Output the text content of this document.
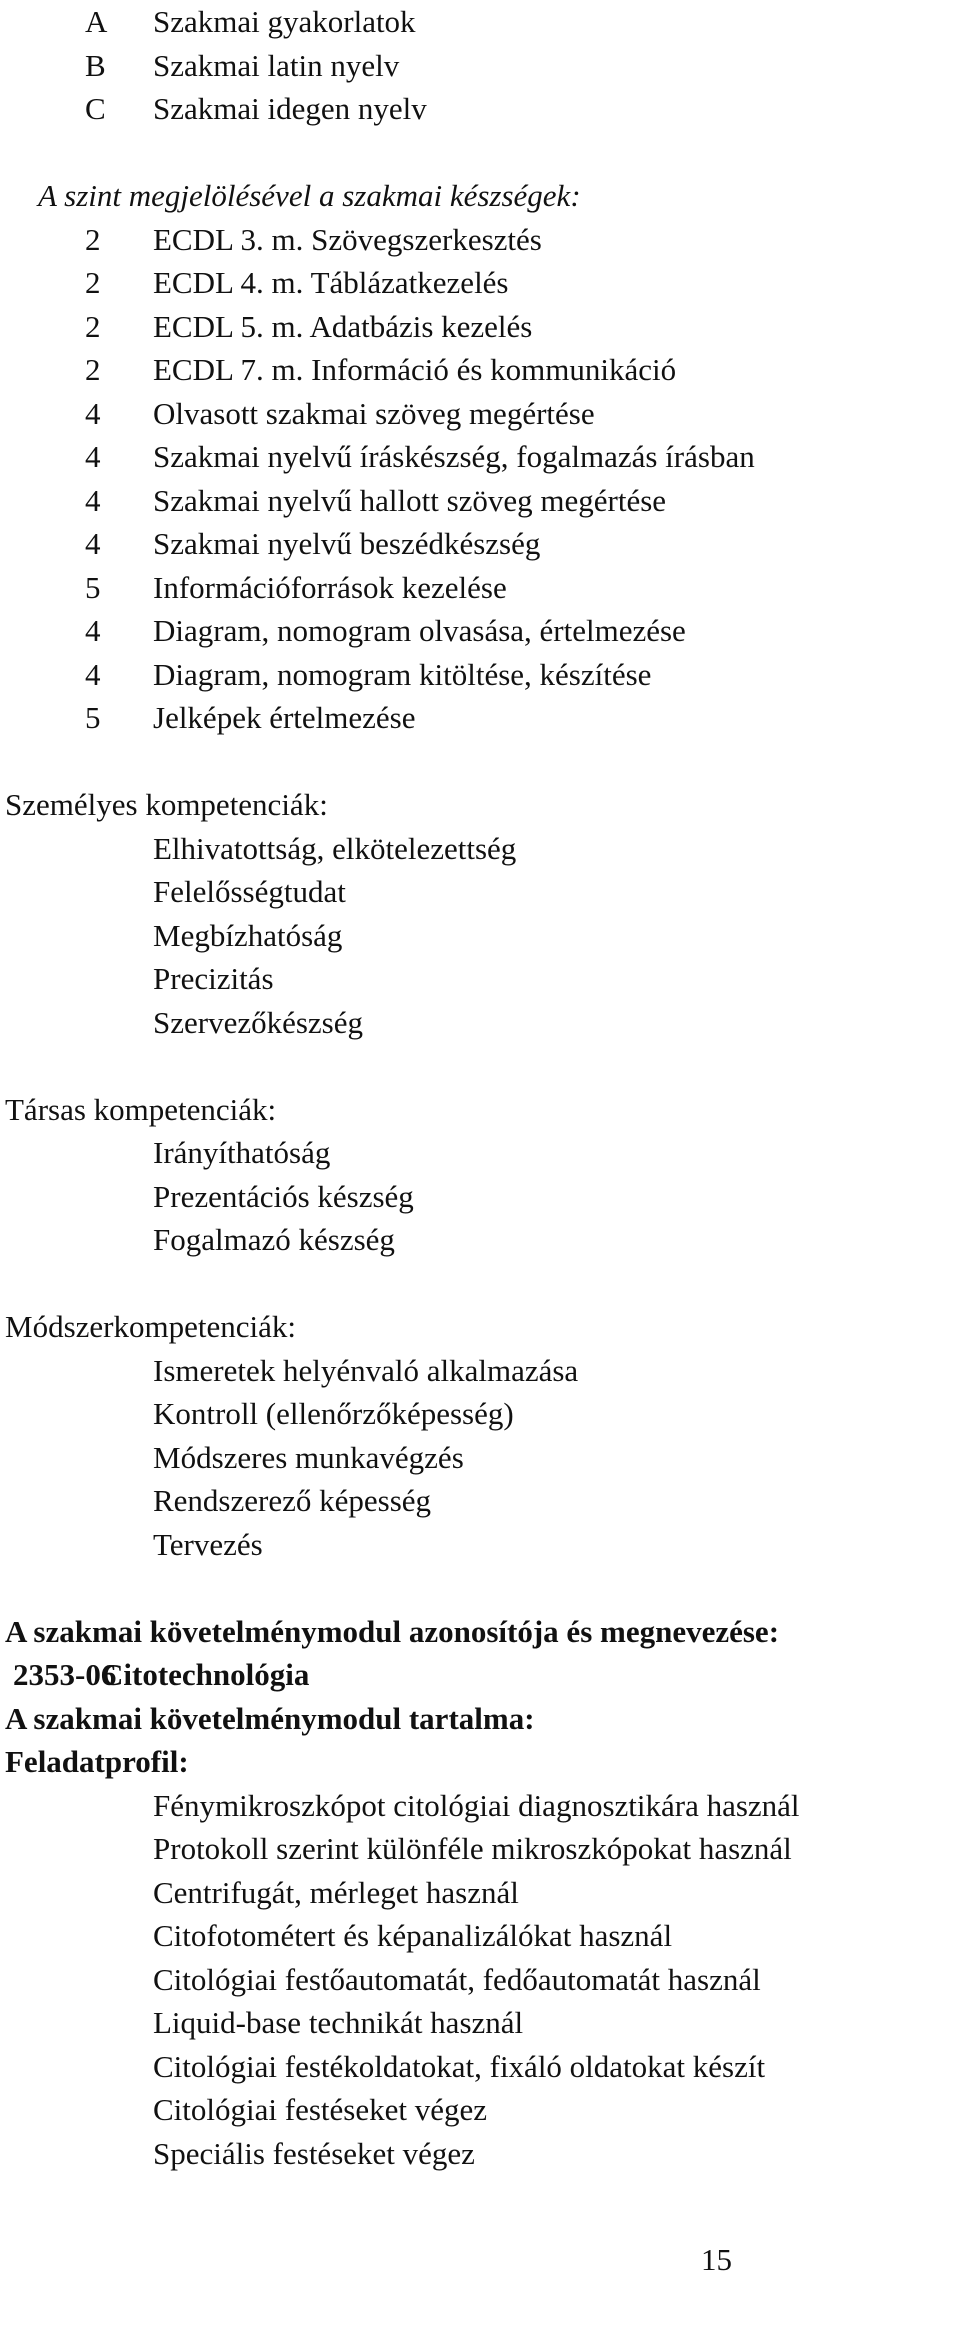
A	Szakmai gyakorlatok
B	Szakmai latin nyelv
C	Szakmai idegen nyelv
A szint megjelölésével a szakmai készségek:
2	ECDL 3. m. Szövegszerkesztés
2	ECDL 4. m. Táblázatkezelés
2	ECDL 5. m. Adatbázis kezelés
2	ECDL 7. m. Információ és kommunikáció
4	Olvasott szakmai szöveg megértése
4	Szakmai nyelvű íráskészség, fogalmazás írásban
4	Szakmai nyelvű hallott szöveg megértése
4	Szakmai nyelvű beszédkészség
5	Információforrások kezelése
4	Diagram, nomogram olvasása, értelmezése
4	Diagram, nomogram kitöltése, készítése
5	Jelképek értelmezése
Személyes kompetenciák:
Elhivatottság, elkötelezettség
Felelősségtudat
Megbízhatóság
Precizitás
Szervezőkészség
Társas kompetenciák:
Irányíthatóság
Prezentációs készség
Fogalmazó készség
Módszerkompetenciák:
Ismeretek helyénvaló alkalmazása
Kontroll (ellenőrzőképesség)
Módszeres munkavégzés
Rendszerező képesség
Tervezés
A szakmai követelménymodul azonosítója és megnevezése:
2353-06
Citotechnológia
A szakmai követelménymodul tartalma:
Feladatprofil:
Fénymikroszkópot citológiai diagnosztikára használ
Protokoll szerint különféle mikroszkópokat használ
Centrifugát, mérleget használ
Citofotométert és képanalizálókat használ
Citológiai festőautomatát, fedőautomatát használ
Liquid-base technikát használ
Citológiai festékoldatokat, fixáló oldatokat készít
Citológiai festéseket végez
Speciális festéseket végez
15
